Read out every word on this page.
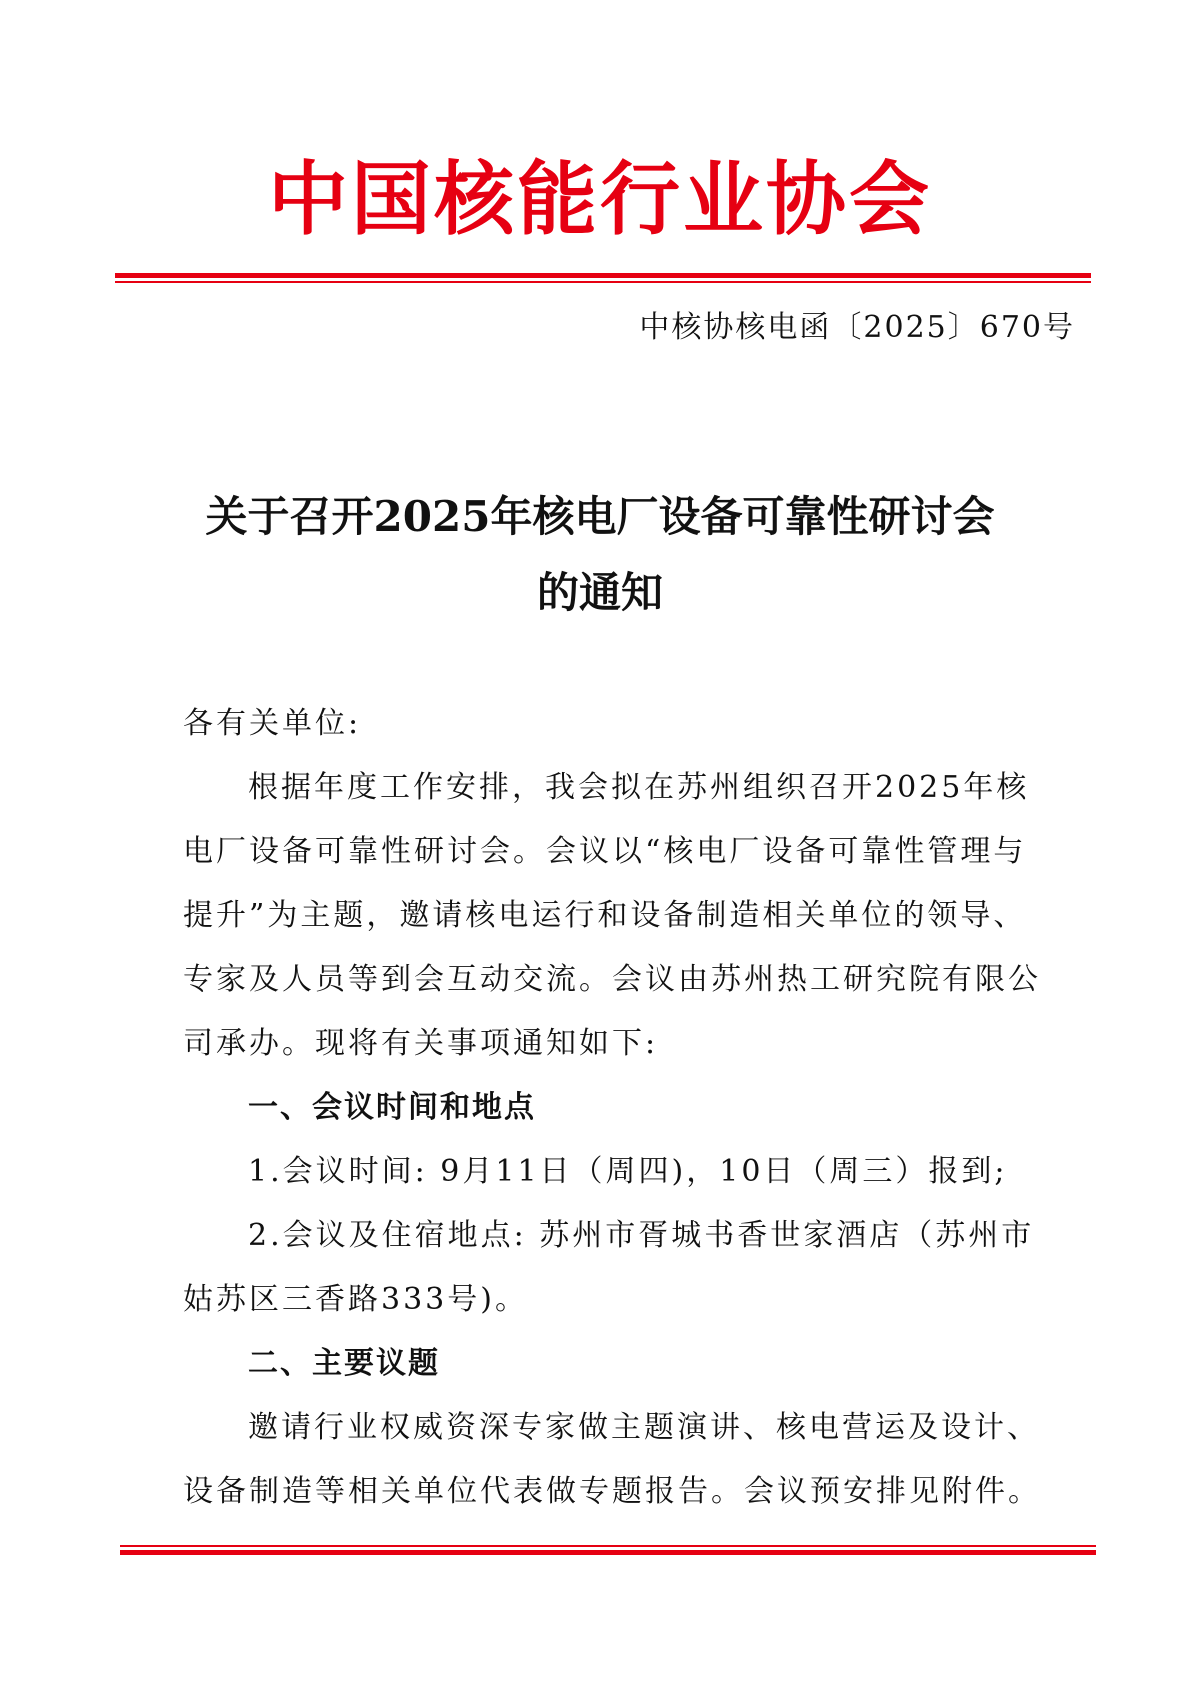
中国核能行业协会
中核协核电函〔2025〕670号
关于召开2025年核电厂设备可靠性研讨会
的通知
各有关单位:
根据年度工作安排，我会拟在苏州组织召开2025年核
电厂设备可靠性研讨会。会议以“核电厂设备可靠性管理与
提升”为主题，邀请核电运行和设备制造相关单位的领导、
专家及人员等到会互动交流。会议由苏州热工研究院有限公
司承办。现将有关事项通知如下:
一、会议时间和地点
1.会议时间: 9月11日（周四)，10日（周三）报到;
2.会议及住宿地点: 苏州市胥城书香世家酒店（苏州市
姑苏区三香路333号)。
二、主要议题
邀请行业权威资深专家做主题演讲、核电营运及设计、
设备制造等相关单位代表做专题报告。会议预安排见附件。
